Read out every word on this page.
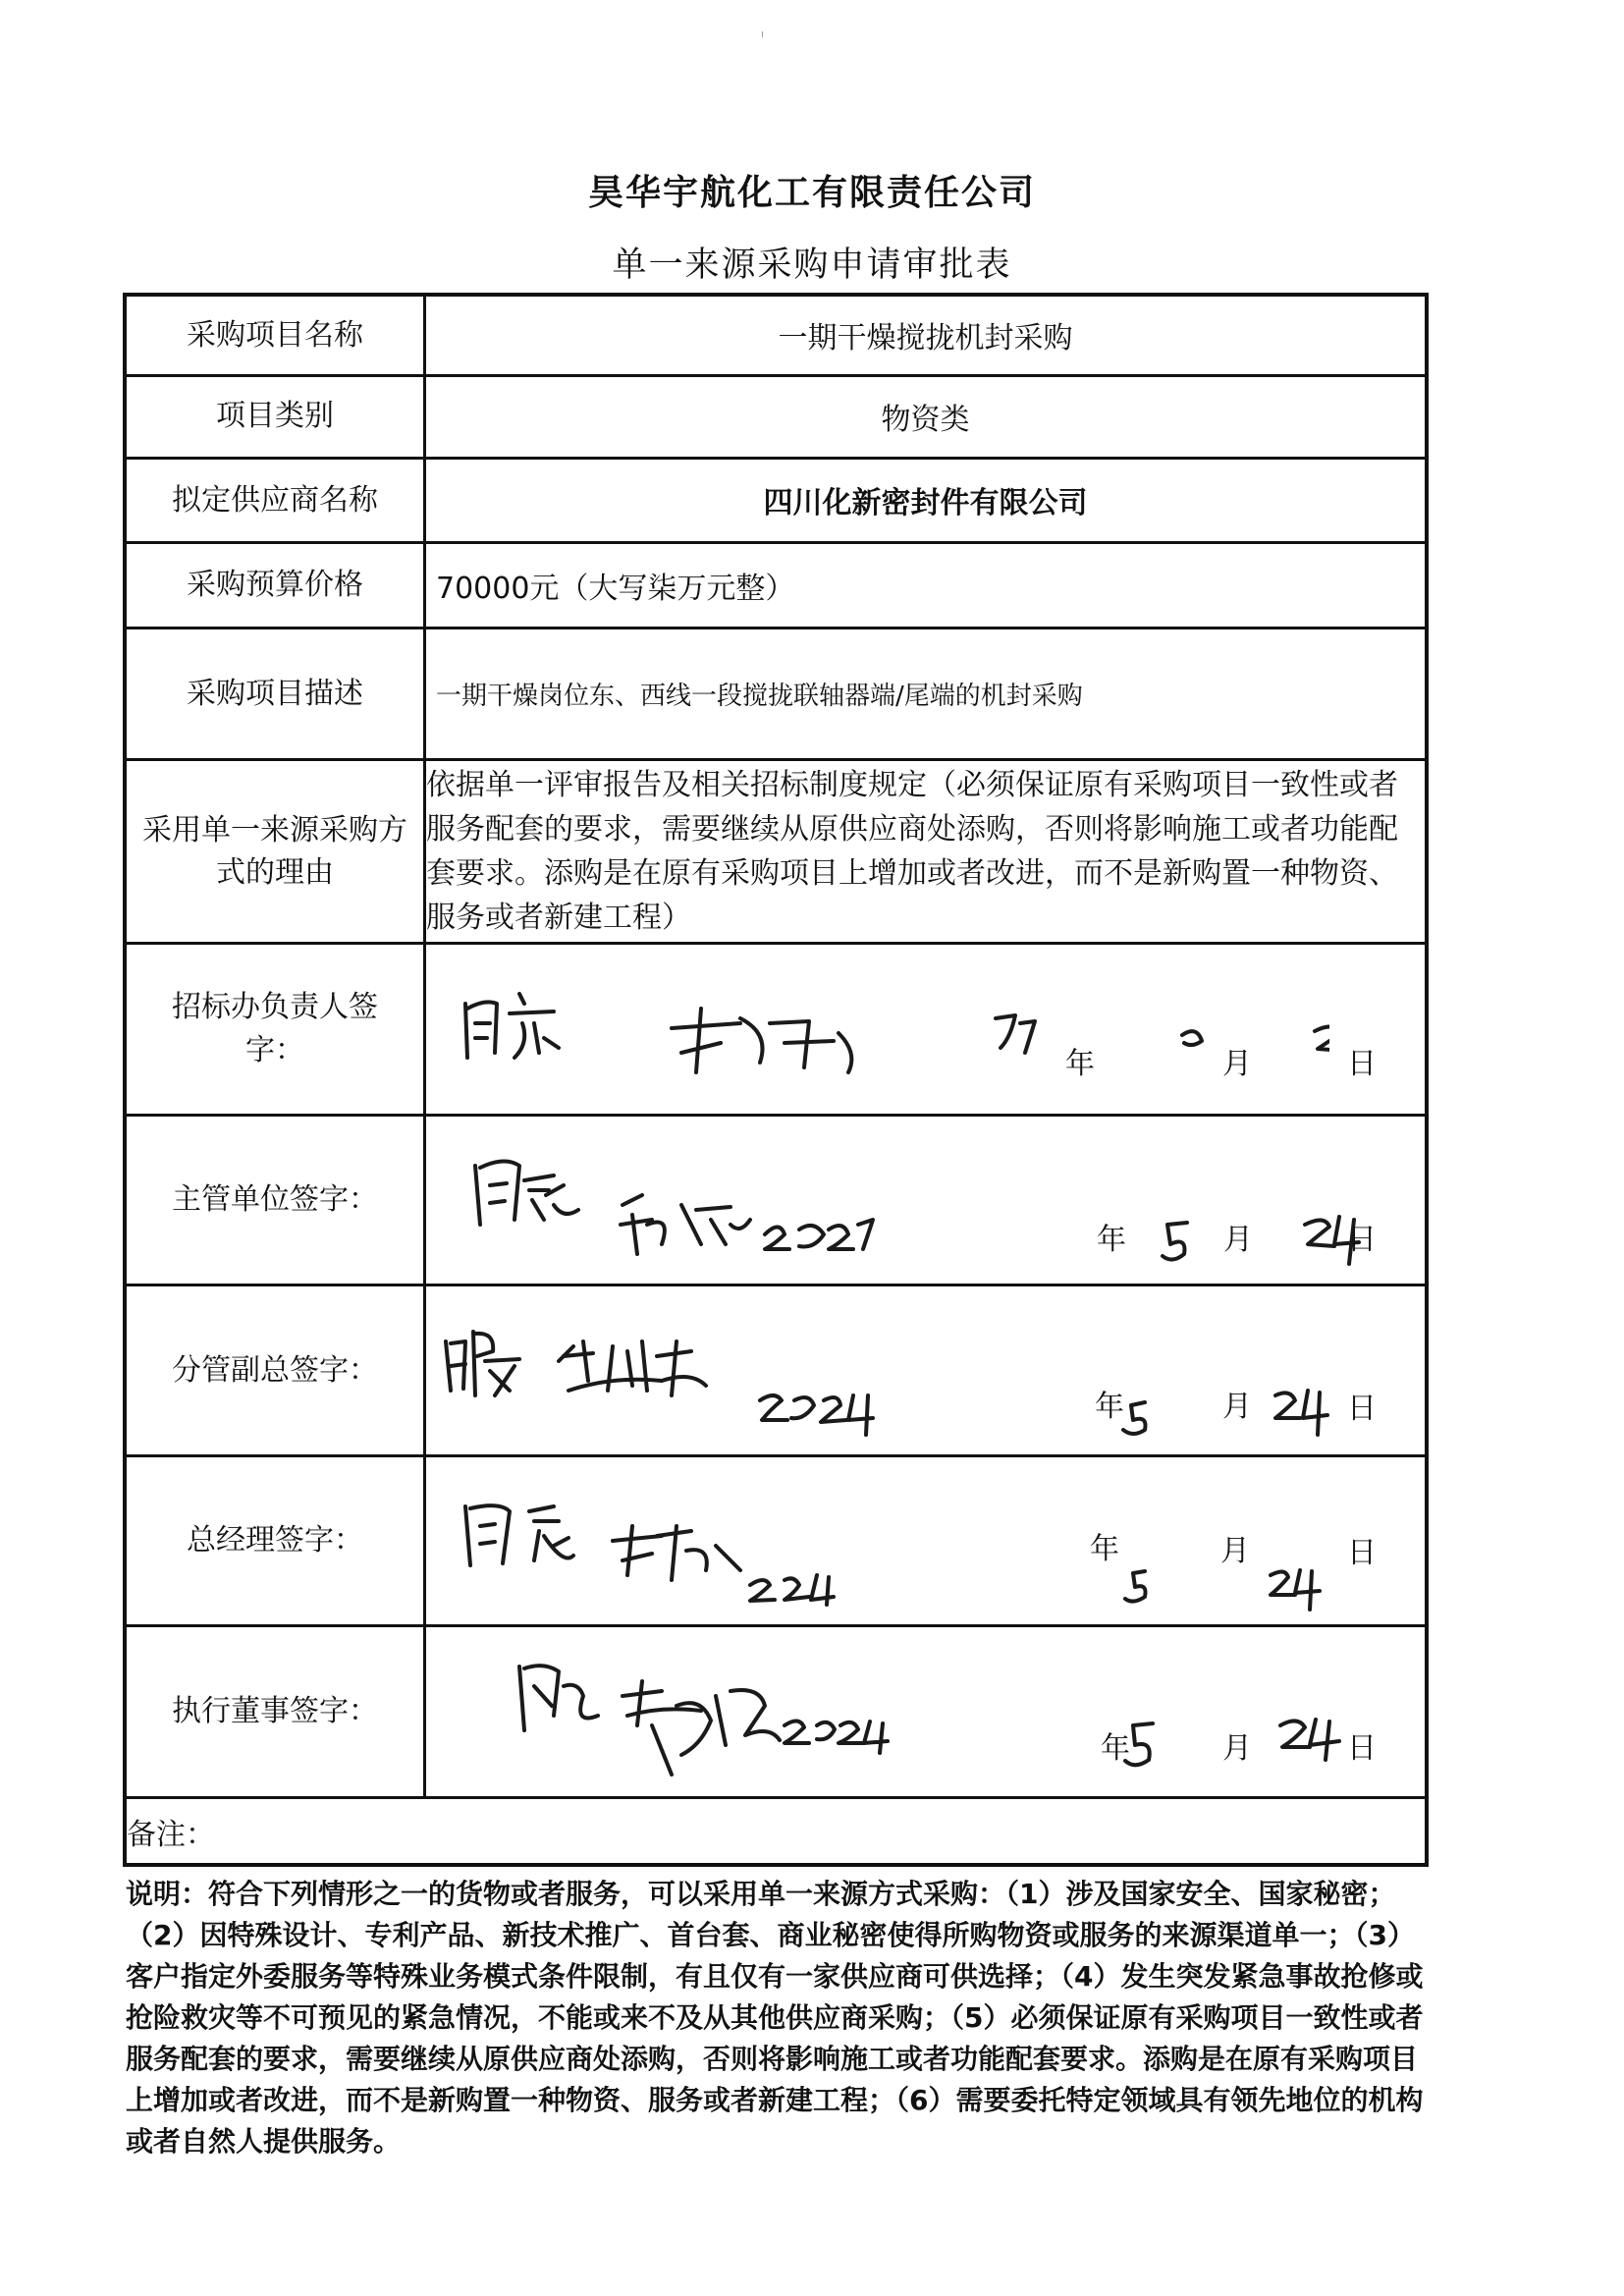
昊华宇航化工有限责任公司
单一来源采购申请审批表
采购项目名称	一期干燥搅拢机封采购
项目类别	物资类
拟定供应商名称	四川化新密封件有限公司
采购预算价格	70000元（大写柒万元整）
采购项目描述	一期干燥岗位东、西线一段搅拢联轴器端/尾端的机封采购
采用单一来源采购方式的理由	依据单一评审报告及相关招标制度规定（必须保证原有采购项目一致性或者服务配套的要求，需要继续从原供应商处添购，否则将影响施工或者功能配套要求。添购是在原有采购项目上增加或者改进，而不是新购置一种物资、服务或者新建工程）
招标办负责人签字：	年 月 日

主管单位签字：	年 月 日

分管副总签字：	年 月 日

总经理签字：	年 月 日

执行董事签字：	年 月 日

备注：	
说明：符合下列情形之一的货物或者服务，可以采用单一来源方式采购：（1）涉及国家安全、国家秘密；（2）因特殊设计、专利产品、新技术推广、首台套、商业秘密使得所购物资或服务的来源渠道单一；（3）客户指定外委服务等特殊业务模式条件限制，有且仅有一家供应商可供选择；（4）发生突发紧急事故抢修或抢险救灾等不可预见的紧急情况，不能或来不及从其他供应商采购；（5）必须保证原有采购项目一致性或者服务配套的要求，需要继续从原供应商处添购，否则将影响施工或者功能配套要求。添购是在原有采购项目上增加或者改进，而不是新购置一种物资、服务或者新建工程；（6）需要委托特定领域具有领先地位的机构或者自然人提供服务。
